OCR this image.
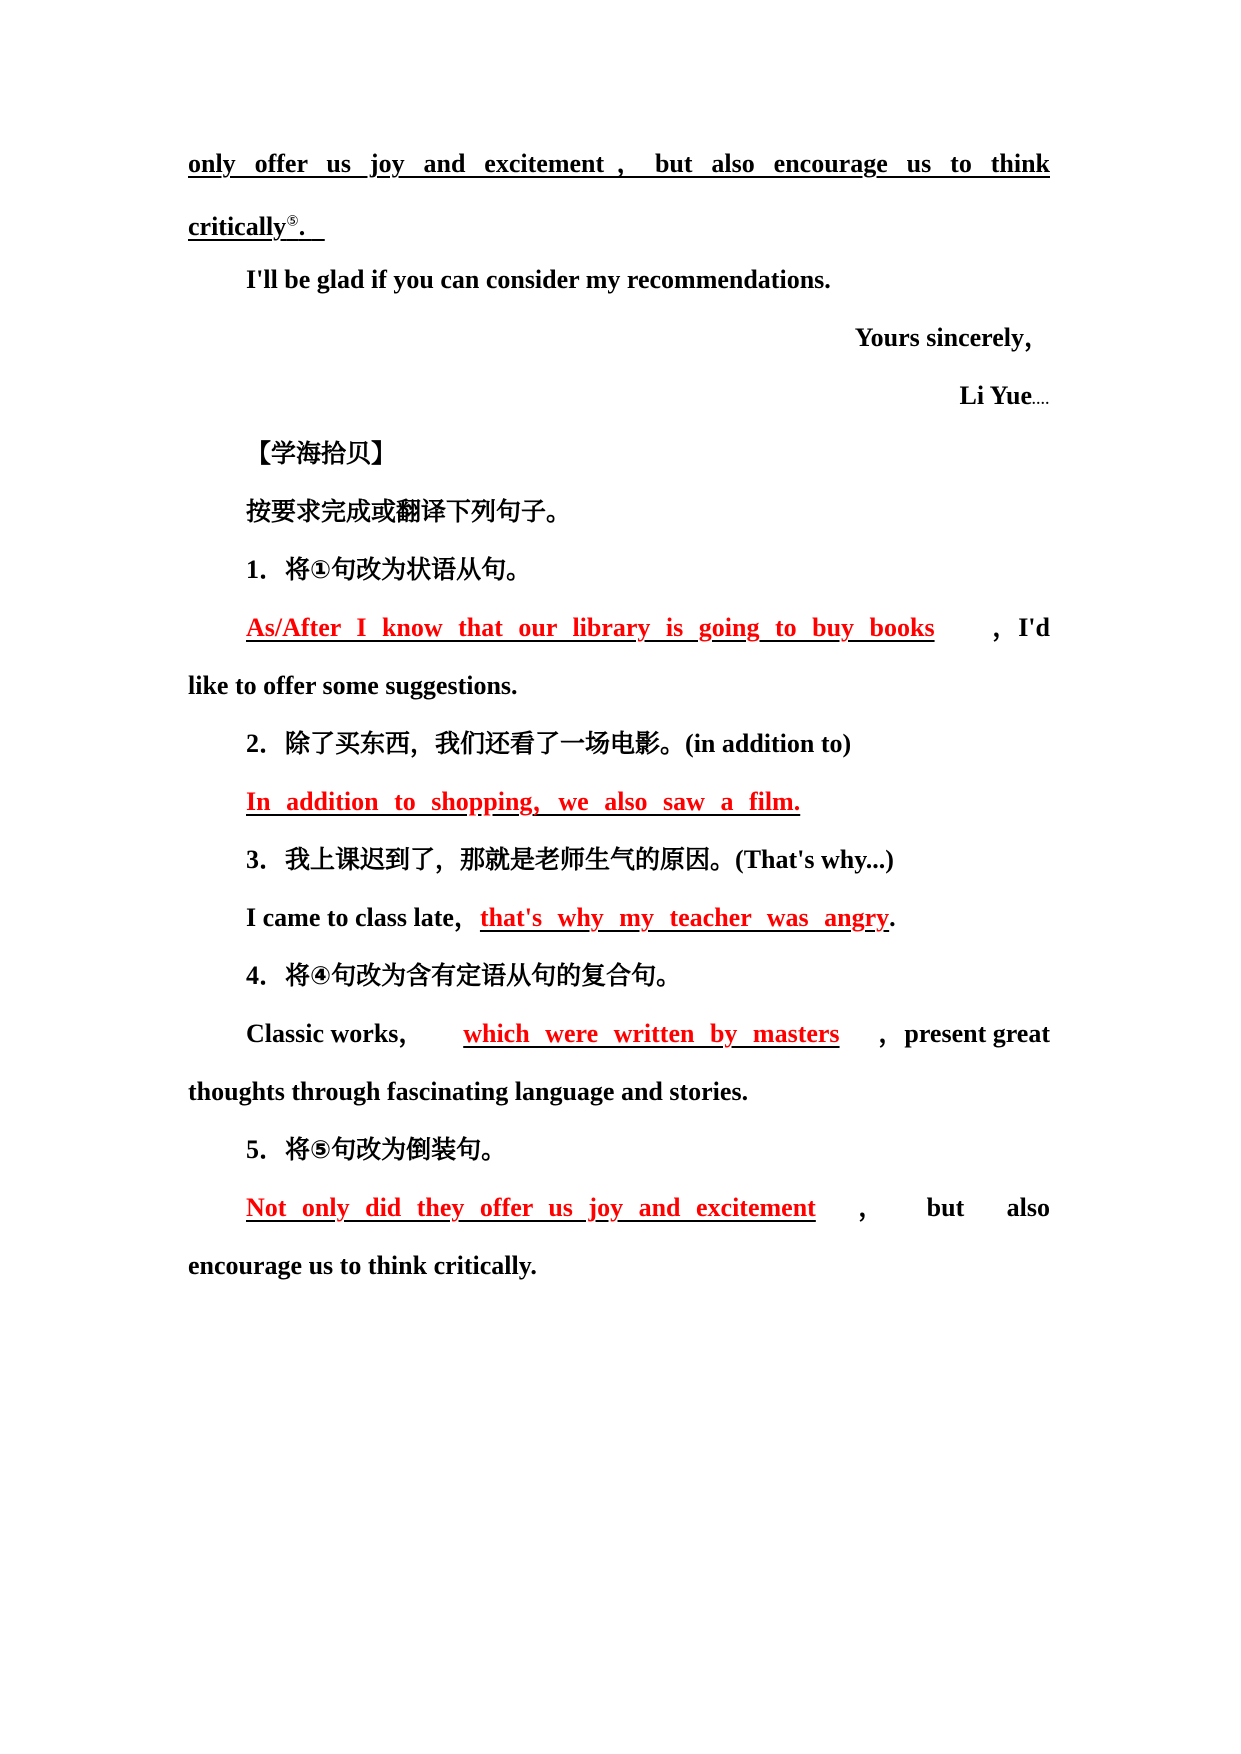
only offer us joy and excitement，but also encourage us to think
critically⑤.
I'll be glad if you can consider my recommendations.
Yours sincerely，
Li Yue....
【学海拾贝】
按要求完成或翻译下列句子。
1．将①句改为状语从句。
As/After I know that our library is going to buy books ，I'd
like to offer some suggestions.
2．除了买东西，我们还看了一场电影。(in addition to)
In addition to shopping，we also saw a film.
3．我上课迟到了，那就是老师生气的原因。(That's why...)
I came to class late，that's why my teacher was angry.
4．将④句改为含有定语从句的复合句。
Classic works， which were written by masters ，present great
thoughts through fascinating language and stories.
5．将⑤句改为倒装句。
Not only did they offer us joy and excitement ， but also
encourage us to think critically.
